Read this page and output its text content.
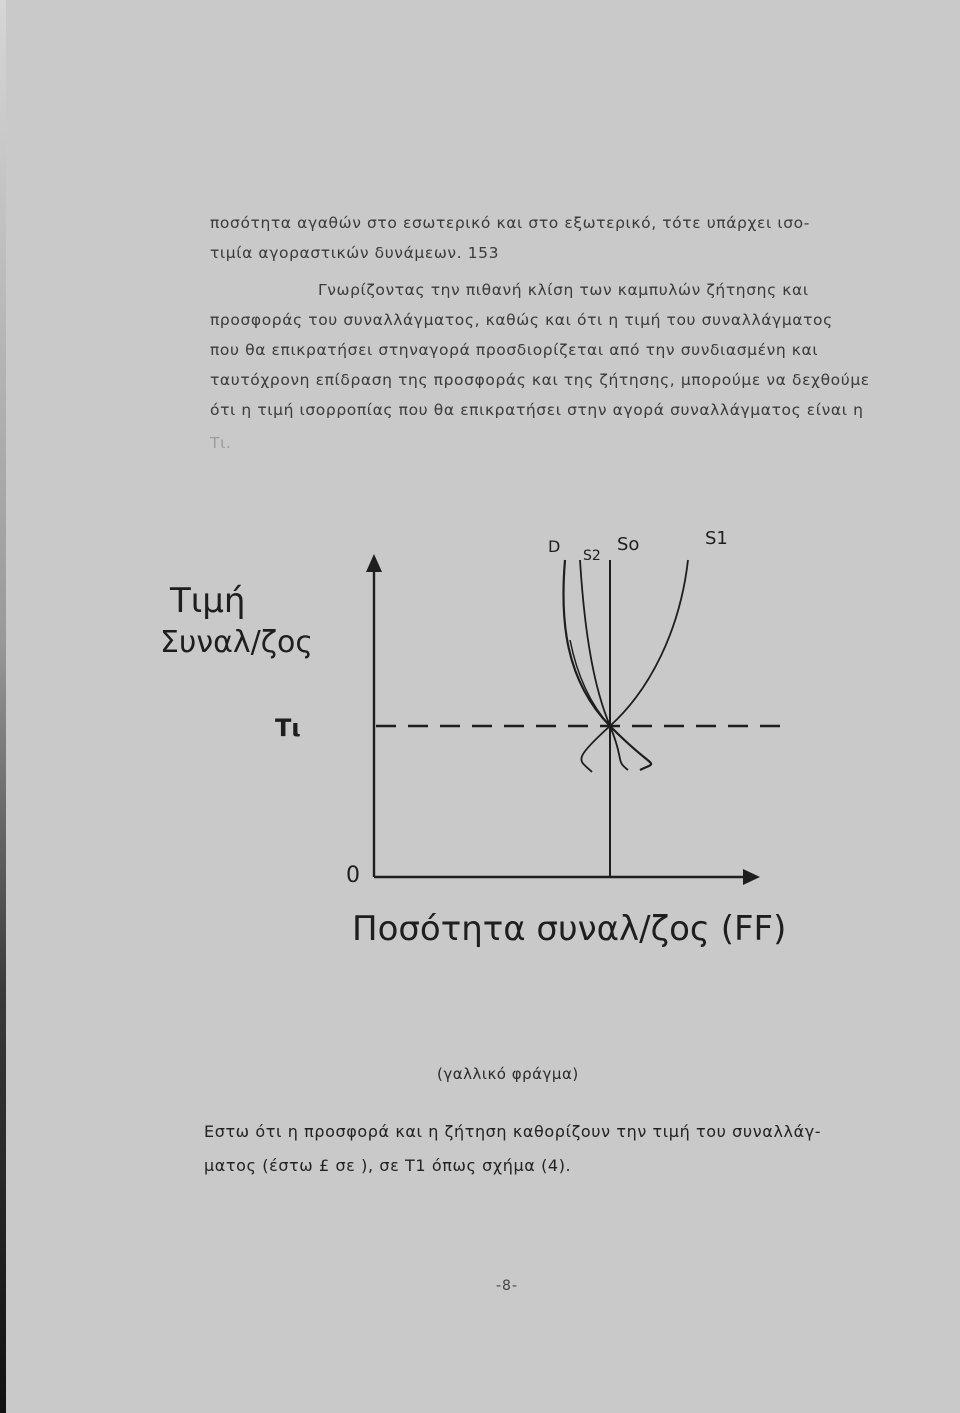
ποσότητα αγαθών στο εσωτερικό και στο εξωτερικό, τότε υπάρχει ισο-
τιμία αγοραστικών δυνάμεων. 153
Γνωρίζοντας την πιθανή κλίση των καμπυλών ζήτησης και
προσφοράς του συναλλάγματος, καθώς και ότι η τιμή του συναλλάγματος
που θα επικρατήσει στηναγορά προσδιορίζεται από την συνδιασμένη και
ταυτόχρονη επίδραση της προσφοράς και της ζήτησης, μπορούμε να δεχθούμε
ότι η τιμή ισορροπίας που θα επικρατήσει στην αγορά συναλλάγματος είναι η
Τι.
Τιμή
Συναλ/ζος
Τι
0
D S2
So	S1
Ποσότητα συναλ/ζος (FF)
(γαλλικό φράγμα)
Εστω ότι η προσφορά και η ζήτηση καθορίζουν την τιμή του συναλλάγ-
ματος (έστω £ σε ), σε Τ1 όπως σχήμα (4).
-8-
